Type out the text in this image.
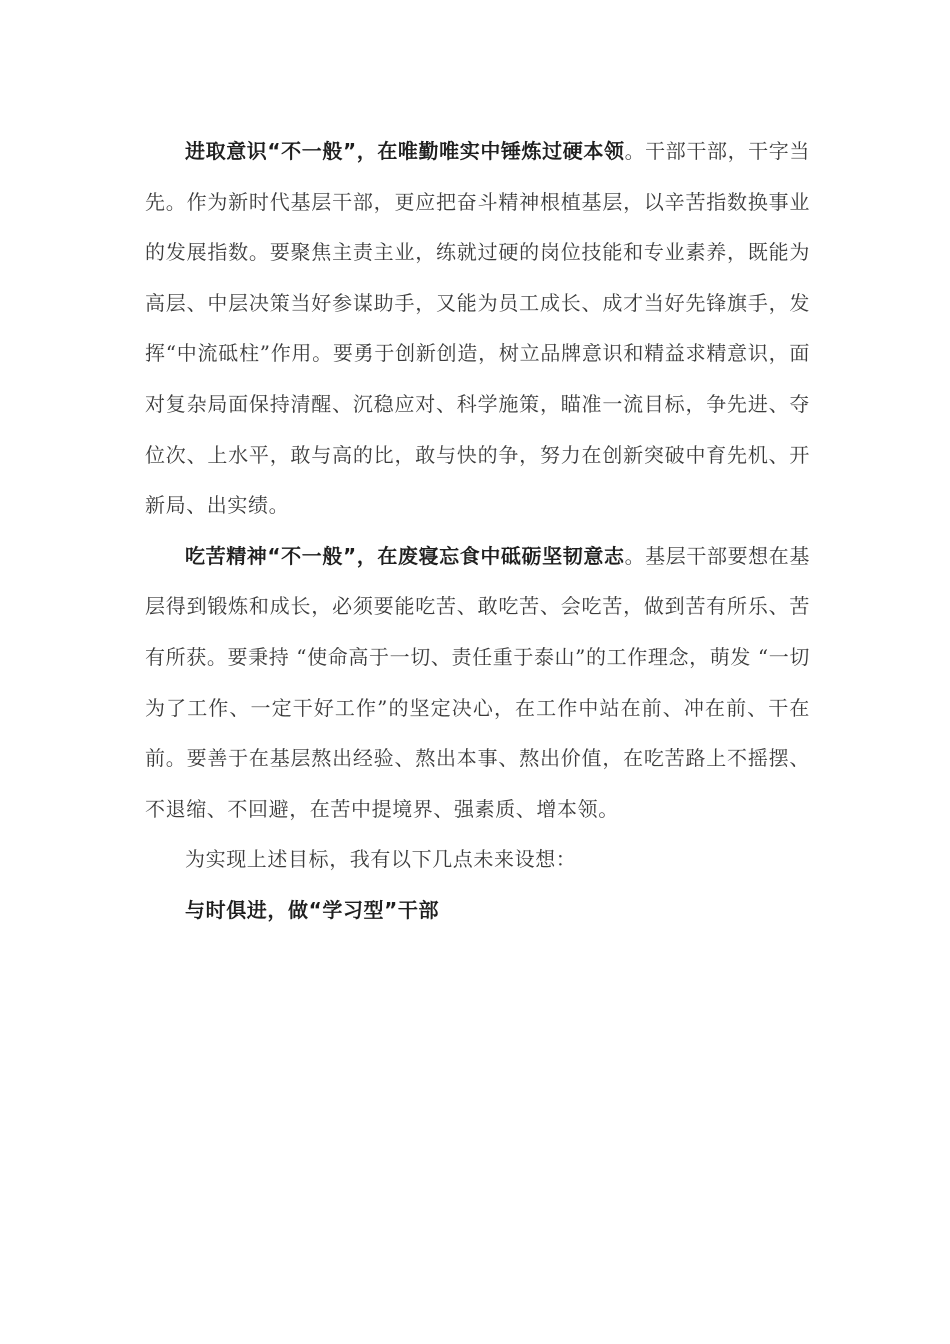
进取意识“不一般”，在唯勤唯实中锤炼过硬本领。干部干部，干字当先。作为新时代基层干部，更应把奋斗精神根植基层，以辛苦指数换事业的发展指数。要聚焦主责主业，练就过硬的岗位技能和专业素养，既能为高层、中层决策当好参谋助手，又能为员工成长、成才当好先锋旗手，发挥“中流砥柱”作用。要勇于创新创造，树立品牌意识和精益求精意识，面对复杂局面保持清醒、沉稳应对、科学施策，瞄准一流目标，争先进、夺位次、上水平，敢与高的比，敢与快的争，努力在创新突破中育先机、开新局、出实绩。

吃苦精神“不一般”，在废寝忘食中砥砺坚韧意志。基层干部要想在基层得到锻炼和成长，必须要能吃苦、敢吃苦、会吃苦，做到苦有所乐、苦有所获。要秉持 “使命高于一切、责任重于泰山”的工作理念，萌发 “一切为了工作、一定干好工作”的坚定决心，在工作中站在前、冲在前、干在前。要善于在基层熬出经验、熬出本事、熬出价值，在吃苦路上不摇摆、不退缩、不回避，在苦中提境界、强素质、增本领。

为实现上述目标，我有以下几点未来设想：

与时俱进，做“学习型”干部
